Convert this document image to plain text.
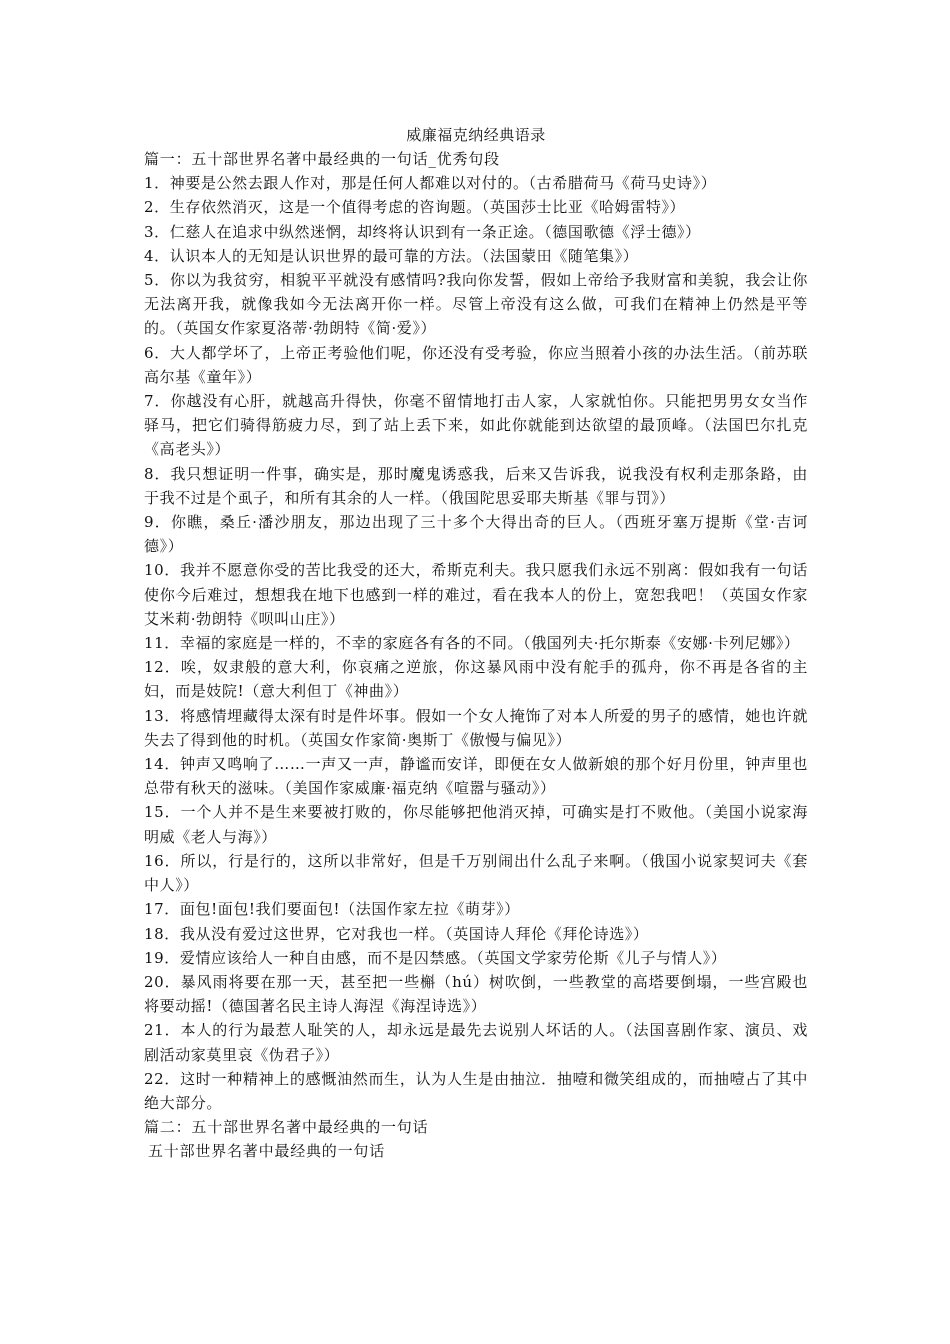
威廉福克纳经典语录

篇一：五十部世界名著中最经典的一句话_优秀句段

1．神要是公然去跟人作对，那是任何人都难以对付的。（古希腊荷马《荷马史诗》）

2．生存依然消灭，这是一个值得考虑的咨询题。（英国莎士比亚《哈姆雷特》）

3．仁慈人在追求中纵然迷惘，却终将认识到有一条正途。（德国歌德《浮士德》）

4．认识本人的无知是认识世界的最可靠的方法。（法国蒙田《随笔集》）

5．你以为我贫穷，相貌平平就没有感情吗?我向你发誓，假如上帝给予我财富和美貌，我会让你无法离开我，就像我如今无法离开你一样。尽管上帝没有这么做，可我们在精神上仍然是平等的。（英国女作家夏洛蒂·勃朗特《简·爱》）

6．大人都学坏了，上帝正考验他们呢，你还没有受考验，你应当照着小孩的办法生活。（前苏联高尔基《童年》）

7．你越没有心肝，就越高升得快，你毫不留情地打击人家，人家就怕你。只能把男男女女当作驿马，把它们骑得筋疲力尽，到了站上丢下来，如此你就能到达欲望的最顶峰。（法国巴尔扎克《高老头》）

8．我只想证明一件事，确实是，那时魔鬼诱惑我，后来又告诉我，说我没有权利走那条路，由于我不过是个虱子，和所有其余的人一样。（俄国陀思妥耶夫斯基《罪与罚》）

9．你瞧，桑丘·潘沙朋友，那边出现了三十多个大得出奇的巨人。（西班牙塞万提斯《堂·吉诃德》）

10．我并不愿意你受的苦比我受的还大，希斯克利夫。我只愿我们永远不别离：假如我有一句话使你今后难过，想想我在地下也感到一样的难过，看在我本人的份上，宽恕我吧！（英国女作家艾米莉·勃朗特《呗叫山庄》）

11．幸福的家庭是一样的，不幸的家庭各有各的不同。（俄国列夫·托尔斯泰《安娜·卡列尼娜》）

12．唉，奴隶般的意大利，你哀痛之逆旅，你这暴风雨中没有舵手的孤舟，你不再是各省的主妇，而是妓院!（意大利但丁《神曲》）

13．将感情埋藏得太深有时是件坏事。假如一个女人掩饰了对本人所爱的男子的感情，她也许就失去了得到他的时机。（英国女作家简·奥斯丁《傲慢与偏见》）

14．钟声又鸣响了……一声又一声，静谧而安详，即便在女人做新娘的那个好月份里，钟声里也总带有秋天的滋味。（美国作家威廉·福克纳《喧嚣与骚动》）

15．一个人并不是生来要被打败的，你尽能够把他消灭掉，可确实是打不败他。（美国小说家海明威《老人与海》）

16．所以，行是行的，这所以非常好，但是千万别闹出什么乱子来啊。（俄国小说家契诃夫《套中人》）

17．面包!面包!我们要面包!（法国作家左拉《萌芽》）

18．我从没有爱过这世界，它对我也一样。（英国诗人拜伦《拜伦诗选》）

19．爱情应该给人一种自由感，而不是囚禁感。（英国文学家劳伦斯《儿子与情人》）

20．暴风雨将要在那一天，甚至把一些槲（hú）树吹倒，一些教堂的高塔要倒塌，一些宫殿也将要动摇!（德国著名民主诗人海涅《海涅诗选》）

21．本人的行为最惹人耻笑的人，却永远是最先去说别人坏话的人。（法国喜剧作家、演员、戏剧活动家莫里哀《伪君子》）

22．这时一种精神上的感慨油然而生，认为人生是由抽泣．抽噎和微笑组成的，而抽噎占了其中绝大部分。

篇二：五十部世界名著中最经典的一句话

五十部世界名著中最经典的一句话
